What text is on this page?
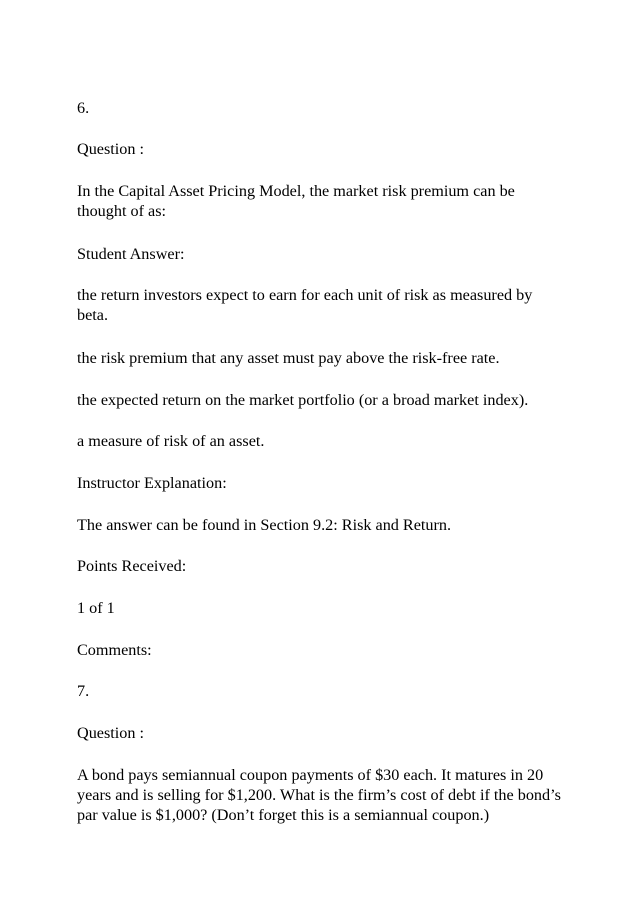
6.

Question :

In the Capital Asset Pricing Model, the market risk premium can be thought of as:

Student Answer:

the return investors expect to earn for each unit of risk as measured by beta.

the risk premium that any asset must pay above the risk-free rate.

the expected return on the market portfolio (or a broad market index).

a measure of risk of an asset.

Instructor Explanation:

The answer can be found in Section 9.2: Risk and Return.

Points Received:

1 of 1

Comments:

7.

Question :

A bond pays semiannual coupon payments of $30 each. It matures in 20 years and is selling for $1,200. What is the firm’s cost of debt if the bond’s par value is $1,000? (Don’t forget this is a semiannual coupon.)
